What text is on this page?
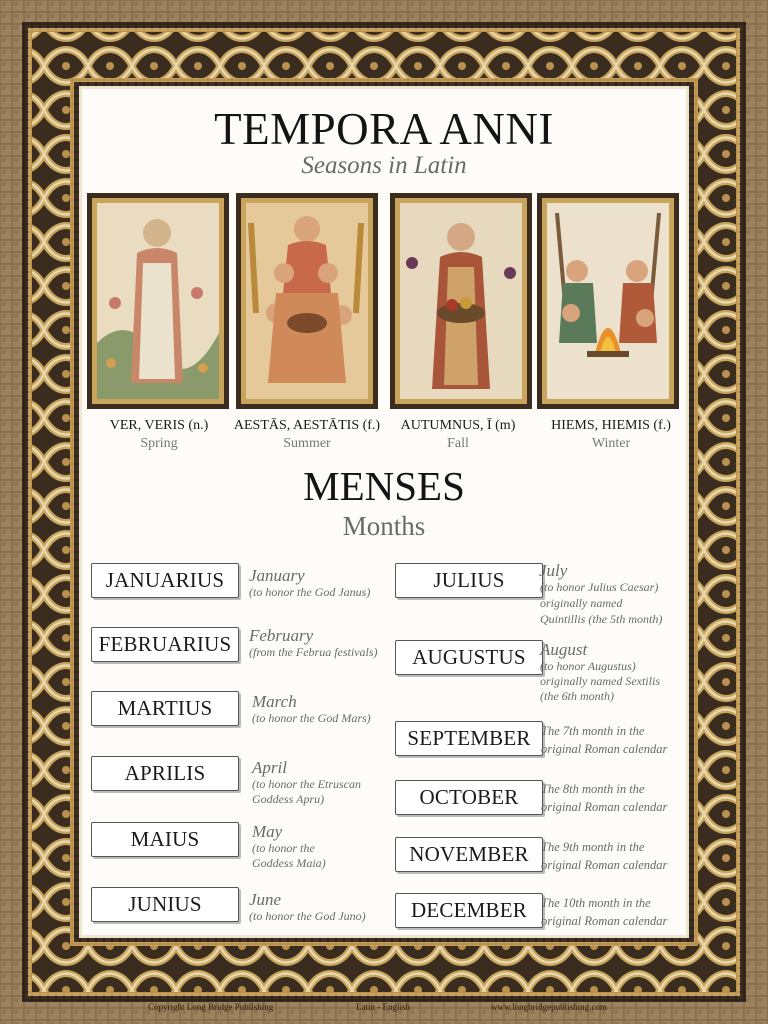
TEMPORA ANNI
Seasons in Latin
VER, VERIS (n.)
Spring
AESTĀS, AESTĀTIS (f.)
Summer
AUTUMNUS, Ī (m)
Fall
HIEMS, HIEMIS (f.)
Winter
MENSES
Months
JANUARIUS	January
(to honor the God Janus)
FEBRUARIUS	February
(from the Februa festivals)
MARTIUS	March
(to honor the God Mars)
APRILIS	April
(to honor the Etruscan
Goddess Apru)
MAIUS	May
(to honor the
Goddess Maia)
JUNIUS	June
(to honor the God Juno)
JULIUS	July
(to honor Julius Caesar)
originally named
Quintillis (the 5th month)
AUGUSTUS August
(to honor Augustus)
originally named Sextilis
(the 6th month)
SEPTEMBER The 7th month in the
original Roman calendar
OCTOBER	The 8th month in the
original Roman calendar
NOVEMBER The 9th month in the
original Roman calendar
DECEMBER	The 10th month in the
original Roman calendar
Copyright Long Bridge Publishing	Latin - English	www.longbridgepublishing.com
